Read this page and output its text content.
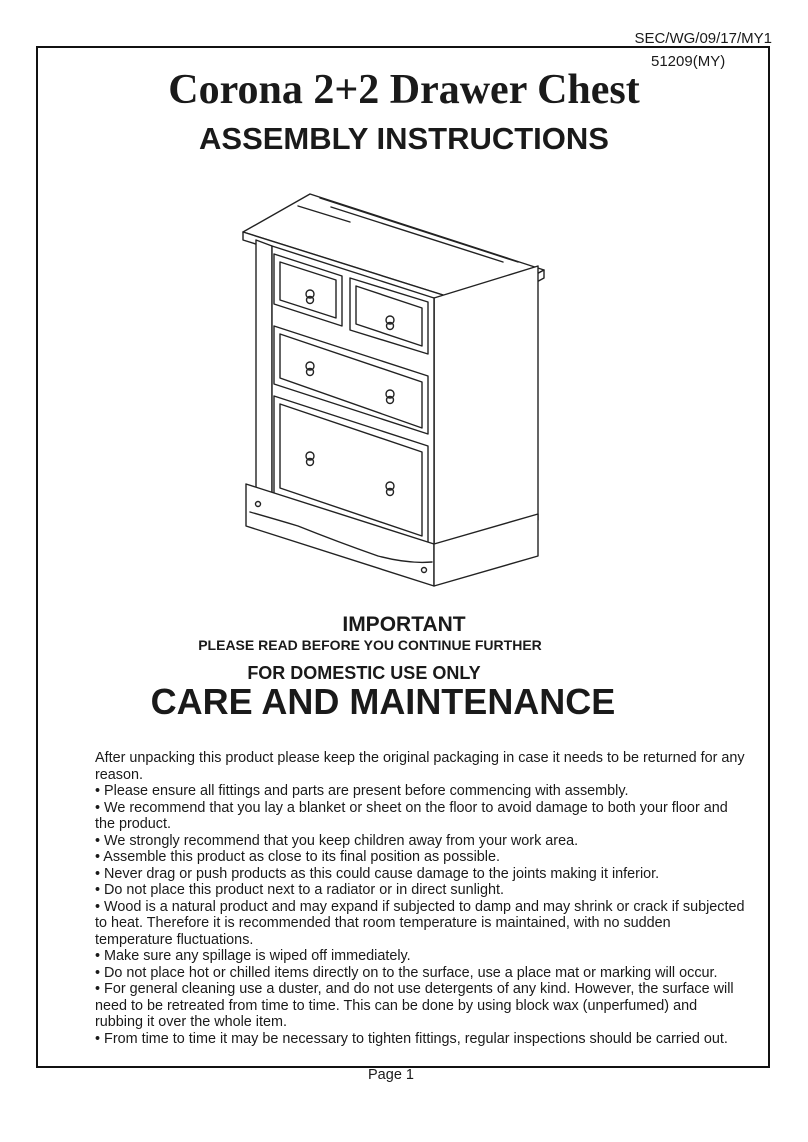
SEC/WG/09/17/MY1
51209(MY)
Corona 2+2 Drawer Chest
ASSEMBLY INSTRUCTIONS
IMPORTANT
PLEASE READ BEFORE YOU CONTINUE FURTHER
FOR DOMESTIC USE ONLY
CARE AND MAINTENANCE

After unpacking this product please keep the original packaging in case it needs to be returned for any reason.

• Please ensure all fittings and parts are present before commencing with assembly.

• We recommend that you lay a blanket or sheet on the floor to avoid damage to both your floor and the product.

• We strongly recommend that you keep children away from your work area.

• Assemble this product as close to its final position as possible.

• Never drag or push products as this could cause damage to the joints making it inferior.

• Do not place this product next to a radiator or in direct sunlight.

• Wood is a natural product and may expand if subjected to damp and may shrink or crack if subjected to heat. Therefore it is recommended that room temperature is maintained, with no sudden temperature fluctuations.

• Make sure any spillage is wiped off immediately.

• Do not place hot or chilled items directly on to the surface, use a place mat or marking will occur.

• For general cleaning use a duster, and do not use detergents of any kind. However, the surface will need to be retreated from time to time. This can be done by using block wax (unperfumed) and rubbing it over the whole item.

• From time to time it may be necessary to tighten fittings, regular inspections should be carried out.

Page 1
